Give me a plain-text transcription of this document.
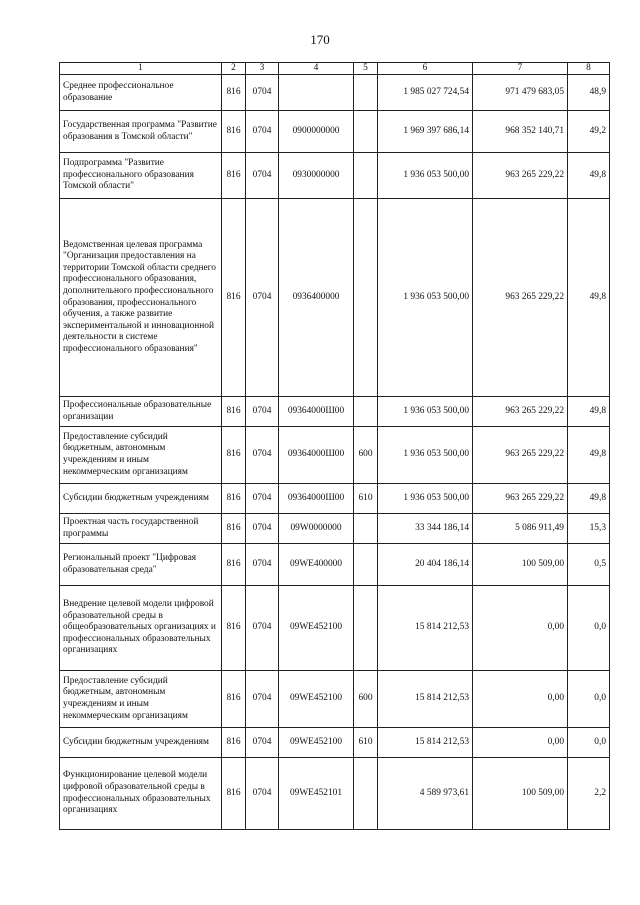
170
1	2	3	4	5	6	7	8
Среднее профессиональное образование	816	0704			1 985 027 724,54	971 479 683,05	48,9
Государственная программа "Развитие образования в Томской области"	816	0704	0900000000		1 969 397 686,14	968 352 140,71	49,2
Подпрограмма "Развитие профессионального образования Томской области"	816	0704	0930000000		1 936 053 500,00	963 265 229,22	49,8
Ведомственная целевая программа "Организация предоставления на территории Томской области среднего профессионального образования, дополнительного профессионального образования, профессионального обучения, а также развитие экспериментальной и инновационной деятельности в системе профессионального образования"	816	0704	0936400000		1 936 053 500,00	963 265 229,22	49,8
Профессиональные образовательные организации	816	0704	09364000Ш00		1 936 053 500,00	963 265 229,22	49,8
Предоставление субсидий бюджетным, автономным учреждениям и иным некоммерческим организациям	816	0704	09364000Ш00	600	1 936 053 500,00	963 265 229,22	49,8
Субсидии бюджетным учреждениям	816	0704	09364000Ш00	610	1 936 053 500,00	963 265 229,22	49,8
Проектная часть государственной программы	816	0704	09W0000000		33 344 186,14	5 086 911,49	15,3
Региональный проект "Цифровая образовательная среда"	816	0704	09WE400000		20 404 186,14	100 509,00	0,5
Внедрение целевой модели цифровой образовательной среды в общеобразовательных организациях и профессиональных образовательных организациях	816	0704	09WE452100		15 814 212,53	0,00	0,0
Предоставление субсидий бюджетным, автономным учреждениям и иным некоммерческим организациям	816	0704	09WE452100	600	15 814 212,53	0,00	0,0
Субсидии бюджетным учреждениям	816	0704	09WE452100	610	15 814 212,53	0,00	0,0
Функционирование целевой модели цифровой образовательной среды в профессиональных образовательных организациях	816	0704	09WE452101		4 589 973,61	100 509,00	2,2
